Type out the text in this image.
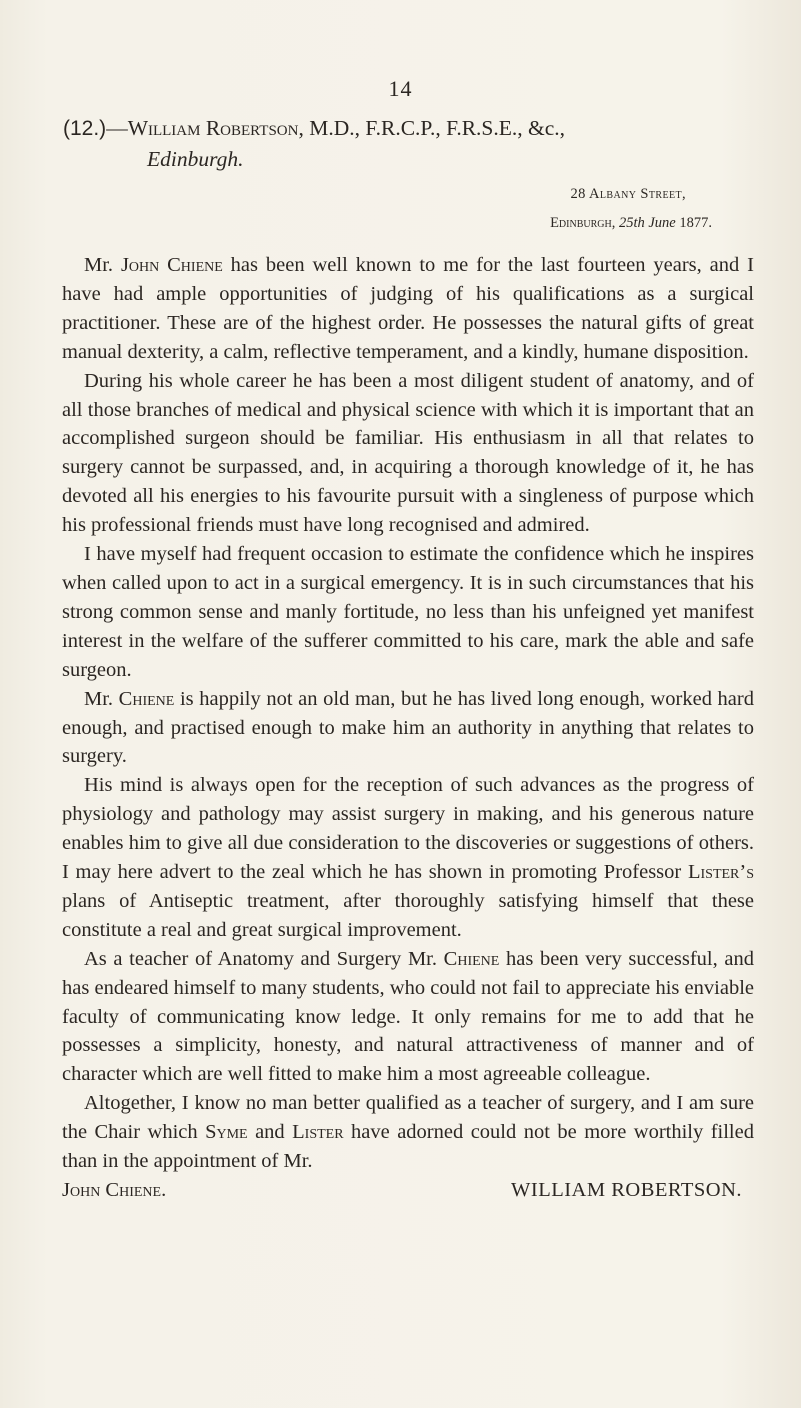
14
(12.)—William Robertson, M.D., F.R.C.P., F.R.S.E., &c.,
Edinburgh.
28 Albany Street,
Edinburgh, 25th June 1877.

Mr. John Chiene has been well known to me for the last fourteen years, and I have had ample opportunities of judging of his qualifications as a surgical practitioner. These are of the highest order. He possesses the natural gifts of great manual dexterity, a calm, reflective temperament, and a kindly, humane disposition.

During his whole career he has been a most diligent student of anatomy, and of all those branches of medical and physical science with which it is important that an accomplished surgeon should be familiar. His enthusiasm in all that relates to surgery cannot be surpassed, and, in acquiring a thorough knowledge of it, he has devoted all his energies to his favourite pursuit with a singleness of purpose which his professional friends must have long recognised and admired.

I have myself had frequent occasion to estimate the confidence which he inspires when called upon to act in a surgical emergency. It is in such circumstances that his strong common sense and manly fortitude, no less than his unfeigned yet manifest interest in the welfare of the sufferer committed to his care, mark the able and safe surgeon.

Mr. Chiene is happily not an old man, but he has lived long enough, worked hard enough, and practised enough to make him an authority in anything that relates to surgery.

His mind is always open for the reception of such advances as the progress of physiology and pathology may assist surgery in making, and his generous nature enables him to give all due consideration to the discoveries or suggestions of others. I may here advert to the zeal which he has shown in promoting Professor Lister’s plans of Antiseptic treatment, after thoroughly satisfying himself that these constitute a real and great surgical improvement.

As a teacher of Anatomy and Surgery Mr. Chiene has been very successful, and has endeared himself to many students, who could not fail to appreciate his enviable faculty of communicating know ledge. It only remains for me to add that he possesses a simplicity, honesty, and natural attractiveness of manner and of character which are well fitted to make him a most agreeable colleague.

Altogether, I know no man better qualified as a teacher of surgery, and I am sure the Chair which Syme and Lister have adorned could not be more worthily filled than in the appointment of Mr.

John Chiene.	WILLIAM ROBERTSON.
